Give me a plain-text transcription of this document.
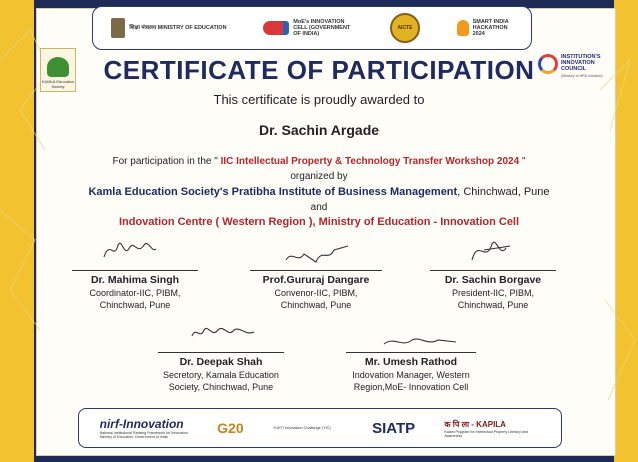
शिक्षा मंत्रालय MINISTRY OF EDUCATION
MoE's INNOVATION CELL (GOVERNMENT OF INDIA)
AICTE
SMART INDIA HACKATHON 2024
KAMLA Education Society
INSTITUTION'S INNOVATION COUNCIL
(Ministry of HRD Initiative)
CERTIFICATE OF PARTICIPATION
This certificate is proudly awarded to
Dr. Sachin Argade
For participation in the " IIC Intellectual Property & Technology Transfer Workshop 2024 "
organized by
Kamla Education Society's Pratibha Institute of Business Management, Chinchwad, Pune
and
Indovation Centre ( Western Region ), Ministry of Education - Innovation Cell
Dr. Mahima Singh
Coordinator-IIC, PIBM,
Chinchwad, Pune
Prof.Gururaj Dangare
Convenor-IIC, PIBM,
Chinchwad, Pune
Dr. Sachin Borgave
President-IIC, PIBM,
Chinchwad, Pune
Dr. Deepak Shah
Secretory, Kamala Education
Society, Chinchwad, Pune
Mr. Umesh Rathod
Indovation Manager, Western
Region,MoE- Innovation Cell
nirf-Innovation
National Institutional Ranking Framework for Innovation
Ministry of Education, Government of India
G20	YUKTI Innovation Challenge (YIC)	SIATP	क पि ला - KAPILA
Kalam Program for Intellectual Property Literacy and Awareness
